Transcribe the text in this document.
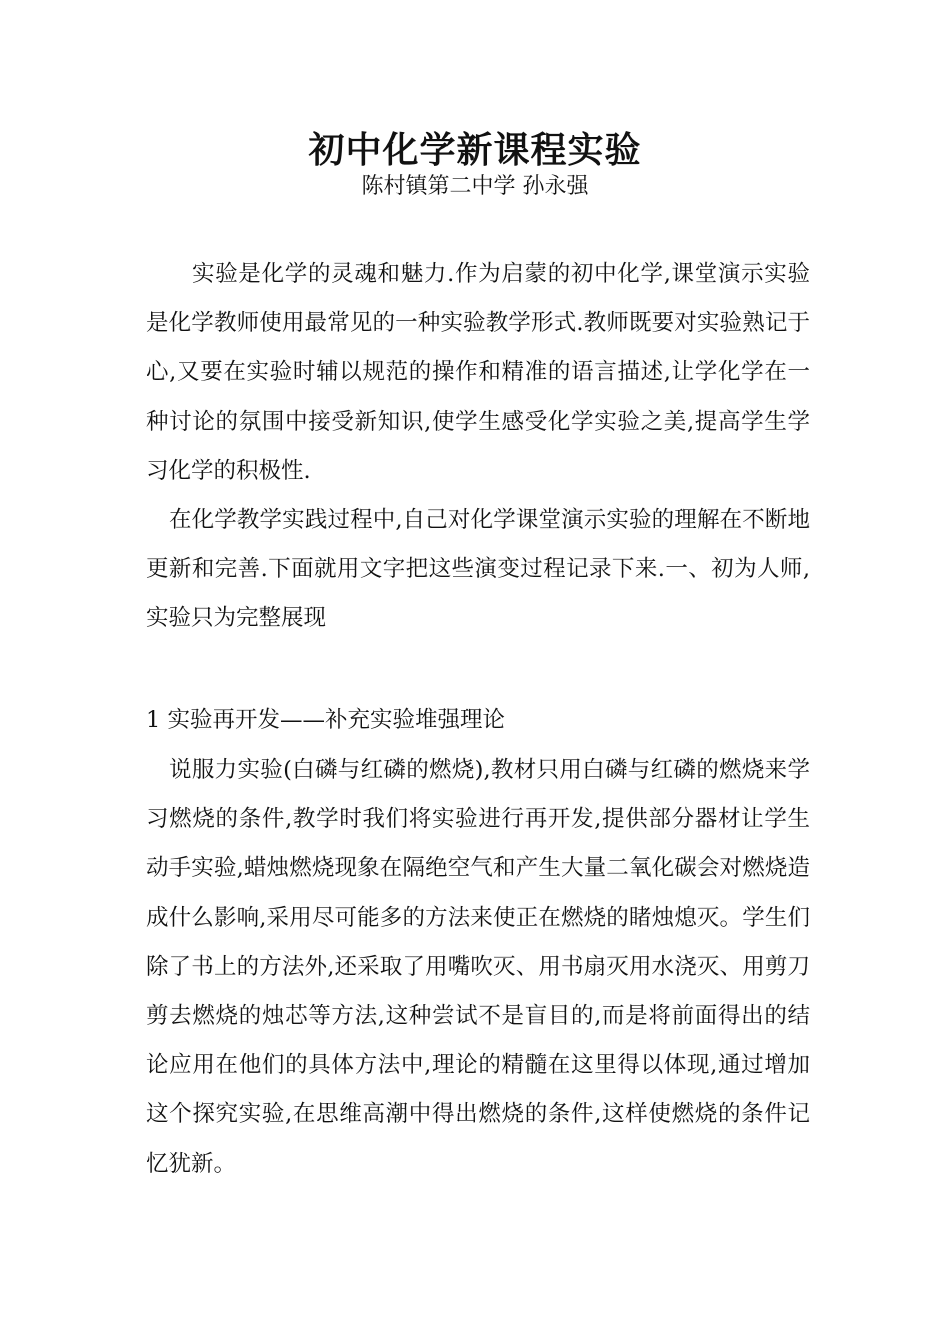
初中化学新课程实验
陈村镇第二中学 孙永强

实验是化学的灵魂和魅力.作为启蒙的初中化学,课堂演示实验是化学教师使用最常见的一种实验教学形式.教师既要对实验熟记于心,又要在实验时辅以规范的操作和精准的语言描述,让学化学在一种讨论的氛围中接受新知识,使学生感受化学实验之美,提高学生学习化学的积极性.

在化学教学实践过程中,自己对化学课堂演示实验的理解在不断地更新和完善.下面就用文字把这些演变过程记录下来.一、初为人师,实验只为完整展现

1 实验再开发——补充实验堆强理论

说服力实验(白磷与红磷的燃烧),教材只用白磷与红磷的燃烧来学习燃烧的条件,教学时我们将实验进行再开发,提供部分器材让学生动手实验,蜡烛燃烧现象在隔绝空气和产生大量二氧化碳会对燃烧造成什么影响,采用尽可能多的方法来使正在燃烧的睹烛熄灭。学生们除了书上的方法外,还采取了用嘴吹灭、用书扇灭用水浇灭、用剪刀剪去燃烧的烛芯等方法,这种尝试不是盲目的,而是将前面得出的结论应用在他们的具体方法中,理论的精髓在这里得以体现,通过增加这个探究实验,在思维高潮中得出燃烧的条件,这样使燃烧的条件记忆犹新。
